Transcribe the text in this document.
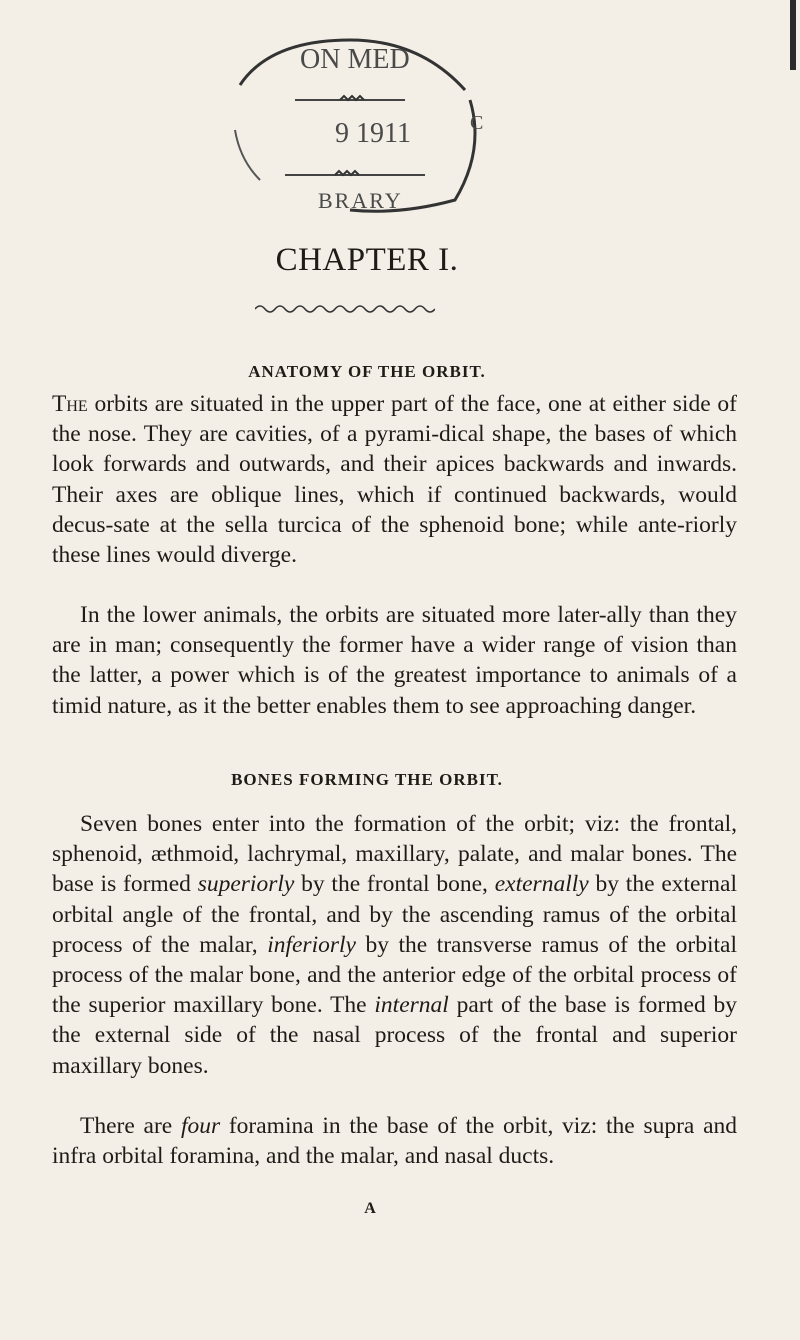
ON MED
9 1911	C
BRARY
CHAPTER I.
ANATOMY OF THE ORBIT.

The orbits are situated in the upper part of the face, one at either side of the nose. They are cavities, of a pyrami-dical shape, the bases of which look forwards and outwards, and their apices backwards and inwards. Their axes are oblique lines, which if continued backwards, would decus-sate at the sella turcica of the sphenoid bone; while ante-riorly these lines would diverge.

In the lower animals, the orbits are situated more later-ally than they are in man; consequently the former have a wider range of vision than the latter, a power which is of the greatest importance to animals of a timid nature, as it the better enables them to see approaching danger.

BONES FORMING THE ORBIT.

Seven bones enter into the formation of the orbit; viz: the frontal, sphenoid, æthmoid, lachrymal, maxillary, palate, and malar bones. The base is formed superiorly by the frontal bone, externally by the external orbital angle of the frontal, and by the ascending ramus of the orbital process of the malar, inferiorly by the transverse ramus of the orbital process of the malar bone, and the anterior edge of the orbital process of the superior maxillary bone. The internal part of the base is formed by the external side of the nasal process of the frontal and superior maxillary bones.

There are four foramina in the base of the orbit, viz: the supra and infra orbital foramina, and the malar, and nasal ducts.

A
